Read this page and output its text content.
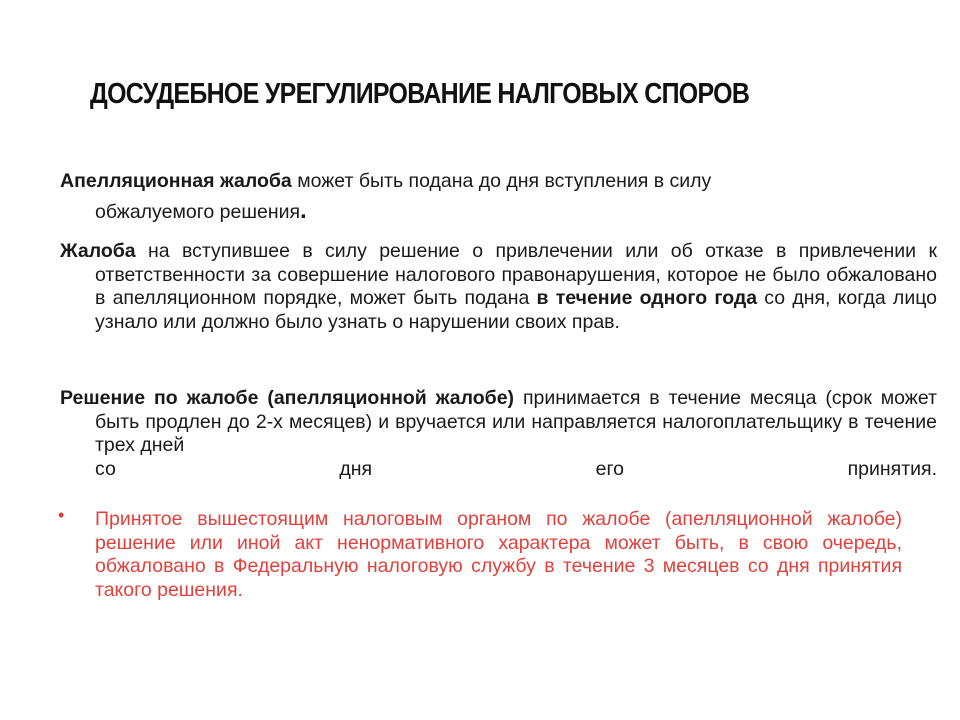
ДОСУДЕБНОЕ УРЕГУЛИРОВАНИЕ НАЛГОВЫХ СПОРОВ
Апелляционная жалоба может быть подана до дня вступления в силу
обжалуемого решения.
Жалоба на вступившее в силу решение о привлечении или об отказе в привлечении к ответственности за совершение налогового правонарушения, которое не было обжаловано в апелляционном порядке, может быть подана в течение одного года со дня, когда лицо узнало или должно было узнать о нарушении своих прав.
Решение по жалобе (апелляционной жалобе) принимается в течение месяца (срок может быть продлен до 2-х месяцев) и вручается или направляется налогоплательщику в течение трех дней
со дня его принятия.
•	Принятое вышестоящим налоговым органом по жалобе (апелляционной жалобе) решение или иной акт ненормативного характера может быть, в свою очередь, обжаловано в Федеральную налоговую службу в течение 3 месяцев со дня принятия такого решения.
